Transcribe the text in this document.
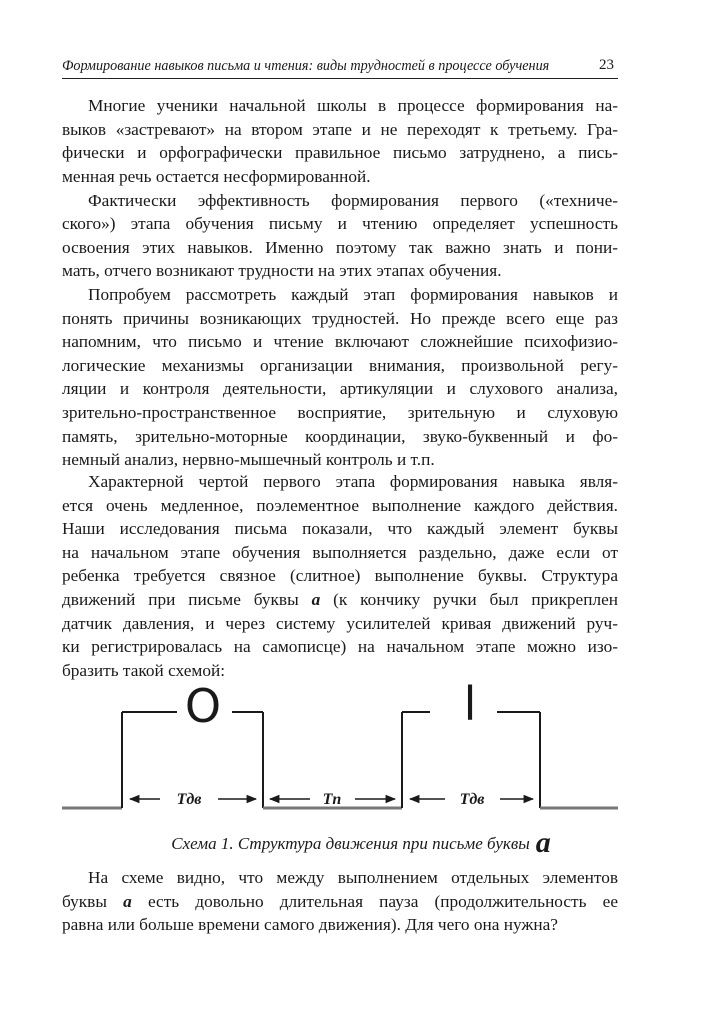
Формирование навыков письма и чтения: виды трудностей в процессе обучения	23
Многие ученики начальной школы в процессе формирования на-
выков «застревают» на втором этапе и не переходят к третьему. Гра-
фически и орфографически правильное письмо затруднено, а пись-
менная речь остается несформированной.
Фактически эффективность формирования первого («техниче-
ского») этапа обучения письму и чтению определяет успешность
освоения этих навыков. Именно поэтому так важно знать и пони-
мать, отчего возникают трудности на этих этапах обучения.
Попробуем рассмотреть каждый этап формирования навыков и
понять причины возникающих трудностей. Но прежде всего еще раз
напомним, что письмо и чтение включают сложнейшие психофизио-
логические механизмы организации внимания, произвольной регу-
ляции и контроля деятельности, артикуляции и слухового анализа,
зрительно-пространственное восприятие, зрительную и слуховую
память, зрительно-моторные координации, звуко-буквенный и фо-
немный анализ, нервно-мышечный контроль и т.п.
Характерной чертой первого этапа формирования навыка явля-
ется очень медленное, поэлементное выполнение каждого действия.
Наши исследования письма показали, что каждый элемент буквы
на начальном этапе обучения выполняется раздельно, даже если от
ребенка требуется связное (слитное) выполнение буквы. Структура
движений при письме буквы а (к кончику ручки был прикреплен
датчик давления, и через систему усилителей кривая движений руч-
ки регистрировалась на самописце) на начальном этапе можно изо-
бразить такой схемой:
O	l
Tдв	Tп	Tдв
Схема 1. Структура движения при письме буквы а
На схеме видно, что между выполнением отдельных элементов
буквы а есть довольно длительная пауза (продолжительность ее
равна или больше времени самого движения). Для чего она нужна?
